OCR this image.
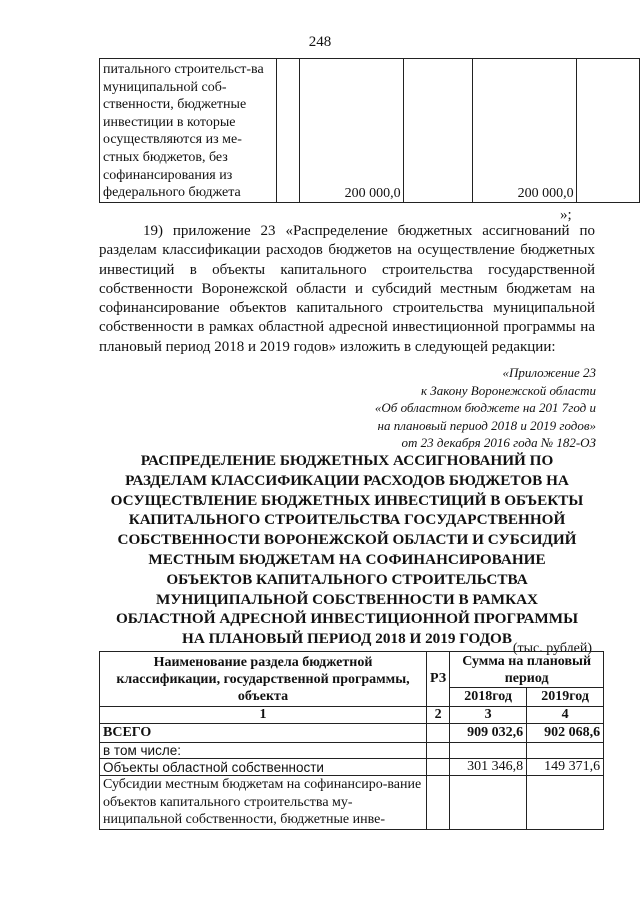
248
питального строительст-ва муниципальной соб-ственности, бюджетные инвестиции в которые осуществляются из ме-стных бюджетов, без софинансирования из федерального бюджета		200 000,0		200 000,0	
»;

19) приложение 23 «Распределение бюджетных ассигнований по разделам классификации расходов бюджетов на осуществление бюджетных инвестиций в объекты капитального строительства государственной собственности Воронежской области и субсидий местным бюджетам на софинансирование объектов капитального строительства муниципальной собственности в рамках областной адресной инвестиционной программы на плановый период 2018 и 2019 годов» изложить в следующей редакции:

«Приложение 23
к Закону Воронежской области
«Об областном бюджете на 201 7год и
на плановый период 2018 и 2019 годов»
от 23 декабря 2016 года № 182-ОЗ
РАСПРЕДЕЛЕНИЕ БЮДЖЕТНЫХ АССИГНОВАНИЙ ПО РАЗДЕЛАМ КЛАССИФИКАЦИИ РАСХОДОВ БЮДЖЕТОВ НА ОСУЩЕСТВЛЕНИЕ БЮДЖЕТНЫХ ИНВЕСТИЦИЙ В ОБЪЕКТЫ КАПИТАЛЬНОГО СТРОИТЕЛЬСТВА ГОСУДАРСТВЕННОЙ СОБСТВЕННОСТИ ВОРОНЕЖСКОЙ ОБЛАСТИ И СУБСИДИЙ МЕСТНЫМ БЮДЖЕТАМ НА СОФИНАНСИРОВАНИЕ ОБЪЕКТОВ КАПИТАЛЬНОГО СТРОИТЕЛЬСТВА МУНИЦИПАЛЬНОЙ СОБСТВЕННОСТИ В РАМКАХ ОБЛАСТНОЙ АДРЕСНОЙ ИНВЕСТИЦИОННОЙ ПРОГРАММЫ НА ПЛАНОВЫЙ ПЕРИОД 2018 И 2019 ГОДОВ
(тыс. рублей)
Наименование раздела бюджетной классификации, государственной программы, объекта	РЗ	Сумма на плановый период	
		2018год	2019год
1	2	3	4
ВСЕГО		909 032,6	902 068,6
в том числе:			
Объекты областной собственности		301 346,8	149 371,6
Субсидии местным бюджетам на софинансиро-вание объектов капитального строительства му-ниципальной собственности, бюджетные инве-			
